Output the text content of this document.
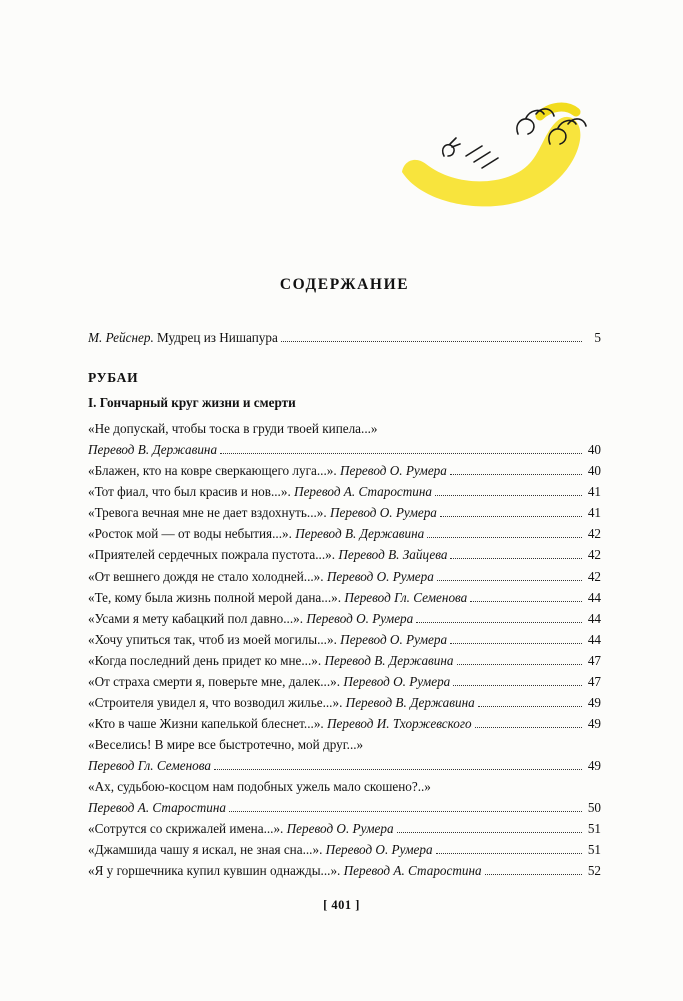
СОДЕРЖАНИЕ
М. Рейснер. Мудрец из Нишапура	5
РУБАИ
I. Гончарный круг жизни и смерти
«Не допускай, чтобы тоска в груди твоей кипела...»
Перевод В. Державина	40
«Блажен, кто на ковре сверкающего луга...». Перевод О. Румера	40
«Тот фиал, что был красив и нов...». Перевод А. Старостина	41
«Тревога вечная мне не дает вздохнуть...». Перевод О. Румера	41
«Росток мой — от воды небытия...». Перевод В. Державина	42
«Приятелей сердечных пожрала пустота...». Перевод В. Зайцева	42
«От вешнего дождя не стало холодней...». Перевод О. Румера	42
«Те, кому была жизнь полной мерой дана...». Перевод Гл. Семенова	44
«Усами я мету кабацкий пол давно...». Перевод О. Румера	44
«Хочу упиться так, чтоб из моей могилы...». Перевод О. Румера	44
«Когда последний день придет ко мне...». Перевод В. Державина	47
«От страха смерти я, поверьте мне, далек...». Перевод О. Румера	47
«Строителя увидел я, что возводил жилье...». Перевод В. Державина	49
«Кто в чаше Жизни капелькой блеснет...». Перевод И. Тхоржевского	49
«Веселись! В мире все быстротечно, мой друг...»
Перевод Гл. Семенова	49
«Ах, судьбою-косцом нам подобных ужель мало скошено?..»
Перевод А. Старостина	50
«Сотрутся со скрижалей имена...». Перевод О. Румера	51
«Джамшида чашу я искал, не зная сна...». Перевод О. Румера	51
«Я у горшечника купил кувшин однажды...». Перевод А. Старостина	52
[ 401 ]
